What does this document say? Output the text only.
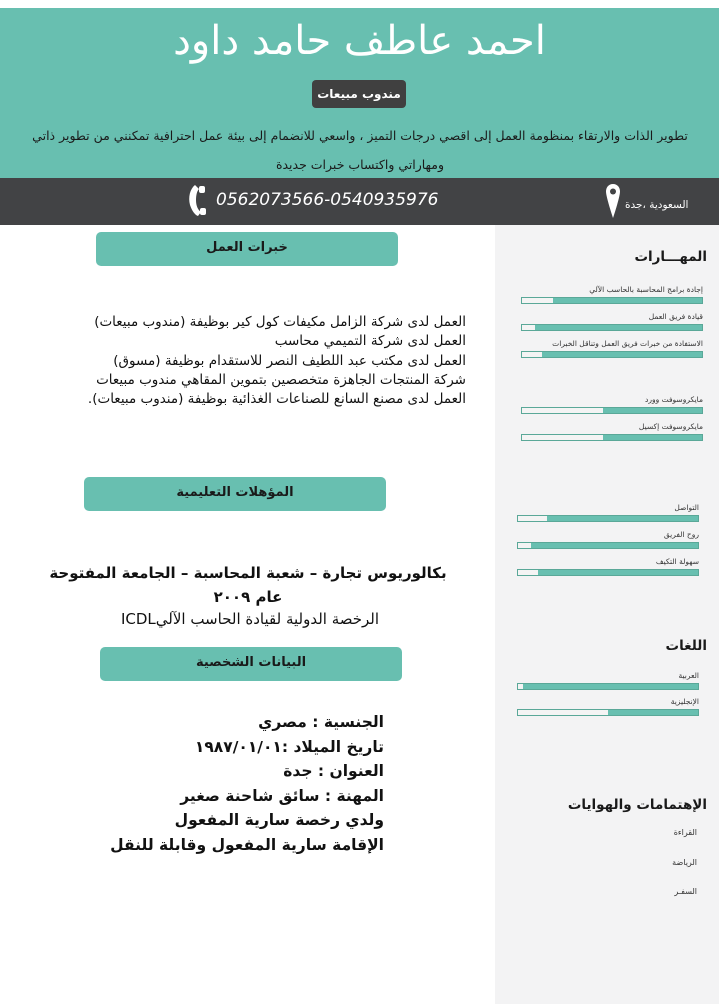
احمد عاطف حامد داود
مندوب مبيعات
تطوير الذات والارتقاء بمنظومة العمل إلى اقصي درجات التميز ، واسعي للانضمام إلى بيئة عمل احترافية تمكنني من تطوير ذاتي
ومهاراتي واكتساب خبرات جديدة
0562073566-0540935976	السعودية ،جدة
المهـــارات
إجادة برامج المحاسبة بالحاسب الآلي
قيادة فريق العمل
الاستفادة من خبرات فريق العمل وتناقل الخبرات
مايكروسوفت وورد
مايكروسوفت إكسيل
التواصل
روح الفريق
سهولة التكيف
اللغات
العربية
الإنجليزية
الإهتمامات والهوايات
القراءة
الرياضة
السفـر
خبرات العمل
العمل لدى شركة الزامل مكيفات كول كير بوظيفة (مندوب مبيعات)
العمل لدى شركة التميمي محاسب
العمل لدى مكتب عبد اللطيف النصر للاستقدام بوظيفة (مسوق)
شركة المنتجات الجاهزة متخصصين بتموين المقاهي مندوب مبيعات
العمل لدى مصنع السانع للصناعات الغذائية بوظيفة (مندوب مبيعات).
المؤهلات التعليمية
بكالوريوس تجارة – شعبة المحاسبة – الجامعة المفتوحة
عام ٢٠٠٩
الرخصة الدولية لقيادة الحاسب الآليICDL
البيانات الشخصية
الجنسية : مصري
تاريخ الميلاد :١٩٨٧/٠١/٠١
العنوان : جدة
المهنة : سائق شاحنة صغير
ولدي رخصة سارية المفعول
الإقامة سارية المفعول وقابلة للنقل
